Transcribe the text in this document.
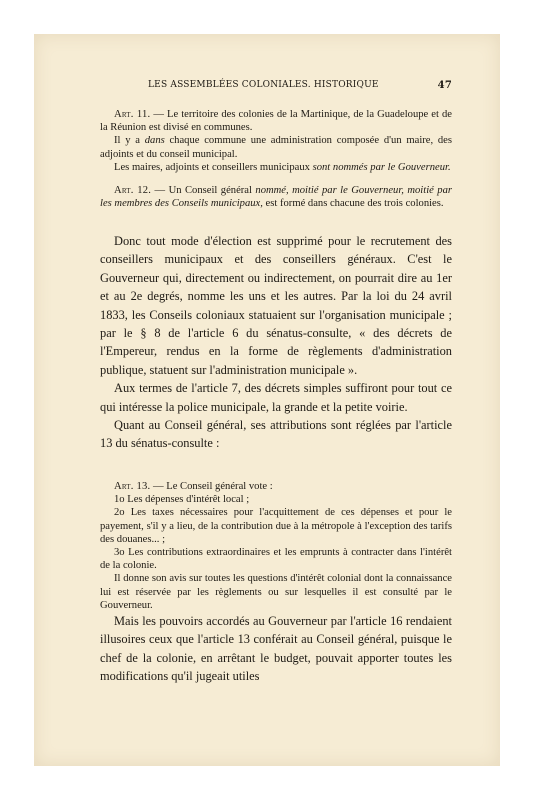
LES ASSEMBLÉES COLONIALES. HISTORIQUE	47

Art. 11. — Le territoire des colonies de la Martinique, de la Guadeloupe et de la Réunion est divisé en communes.

Il y a dans chaque commune une administration composée d'un maire, des adjoints et du conseil municipal.

Les maires, adjoints et conseillers municipaux sont nommés par le Gouverneur.

Art. 12. — Un Conseil général nommé, moitié par le Gouverneur, moitié par les membres des Conseils municipaux, est formé dans chacune des trois colonies.

Donc tout mode d'élection est supprimé pour le recrutement des conseillers municipaux et des conseillers généraux. C'est le Gouverneur qui, directement ou indirectement, on pourrait dire au 1er et au 2e degrés, nomme les uns et les autres. Par la loi du 24 avril 1833, les Conseils coloniaux statuaient sur l'organisation municipale ; par le § 8 de l'article 6 du sénatus-consulte, « des décrets de l'Empereur, rendus en la forme de règlements d'administration publique, statuent sur l'administration municipale ».

Aux termes de l'article 7, des décrets simples suffiront pour tout ce qui intéresse la police municipale, la grande et la petite voirie.

Quant au Conseil général, ses attributions sont réglées par l'article 13 du sénatus-consulte :

Art. 13. — Le Conseil général vote :

1o Les dépenses d'intérêt local ;

2o Les taxes nécessaires pour l'acquittement de ces dépenses et pour le payement, s'il y a lieu, de la contribution due à la métropole à l'exception des tarifs des douanes... ;

3o Les contributions extraordinaires et les emprunts à contracter dans l'intérêt de la colonie.

Il donne son avis sur toutes les questions d'intérêt colonial dont la connaissance lui est réservée par les règlements ou sur lesquelles il est consulté par le Gouverneur.

Mais les pouvoirs accordés au Gouverneur par l'article 16 rendaient illusoires ceux que l'article 13 conférait au Conseil général, puisque le chef de la colonie, en arrêtant le budget, pouvait apporter toutes les modifications qu'il jugeait utiles
